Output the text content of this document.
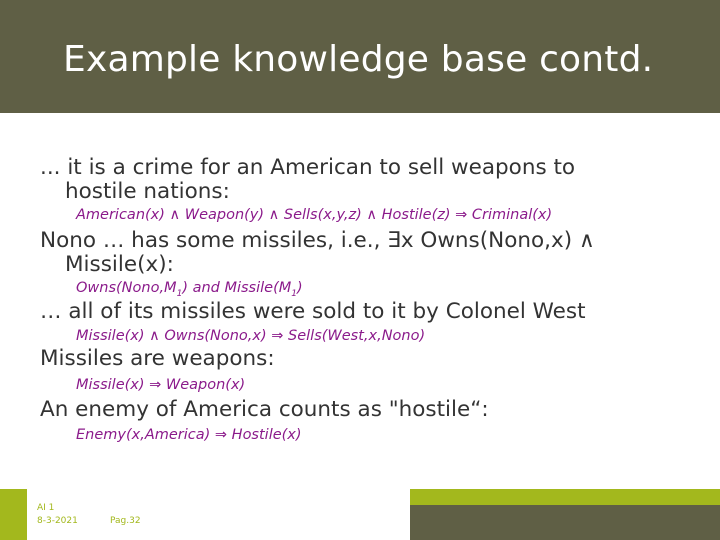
Example knowledge base contd.
... it is a crime for an American to sell weapons to
hostile nations:
American(x) ∧ Weapon(y) ∧ Sells(x,y,z) ∧ Hostile(z) ⇒ Criminal(x)
Nono … has some missiles, i.e., ∃x Owns(Nono,x) ∧
Missile(x):
$Owns(Nono,M_1)$ and $Missile(M_1)$
… all of its missiles were sold to it by Colonel West
Missile(x) ∧ Owns(Nono,x) ⇒ Sells(West,x,Nono)
Missiles are weapons:
Missile(x) ⇒ Weapon(x)
An enemy of America counts as "hostile“:
Enemy(x,America) ⇒ Hostile(x)
AI 1
8-3-2021	Pag.32
